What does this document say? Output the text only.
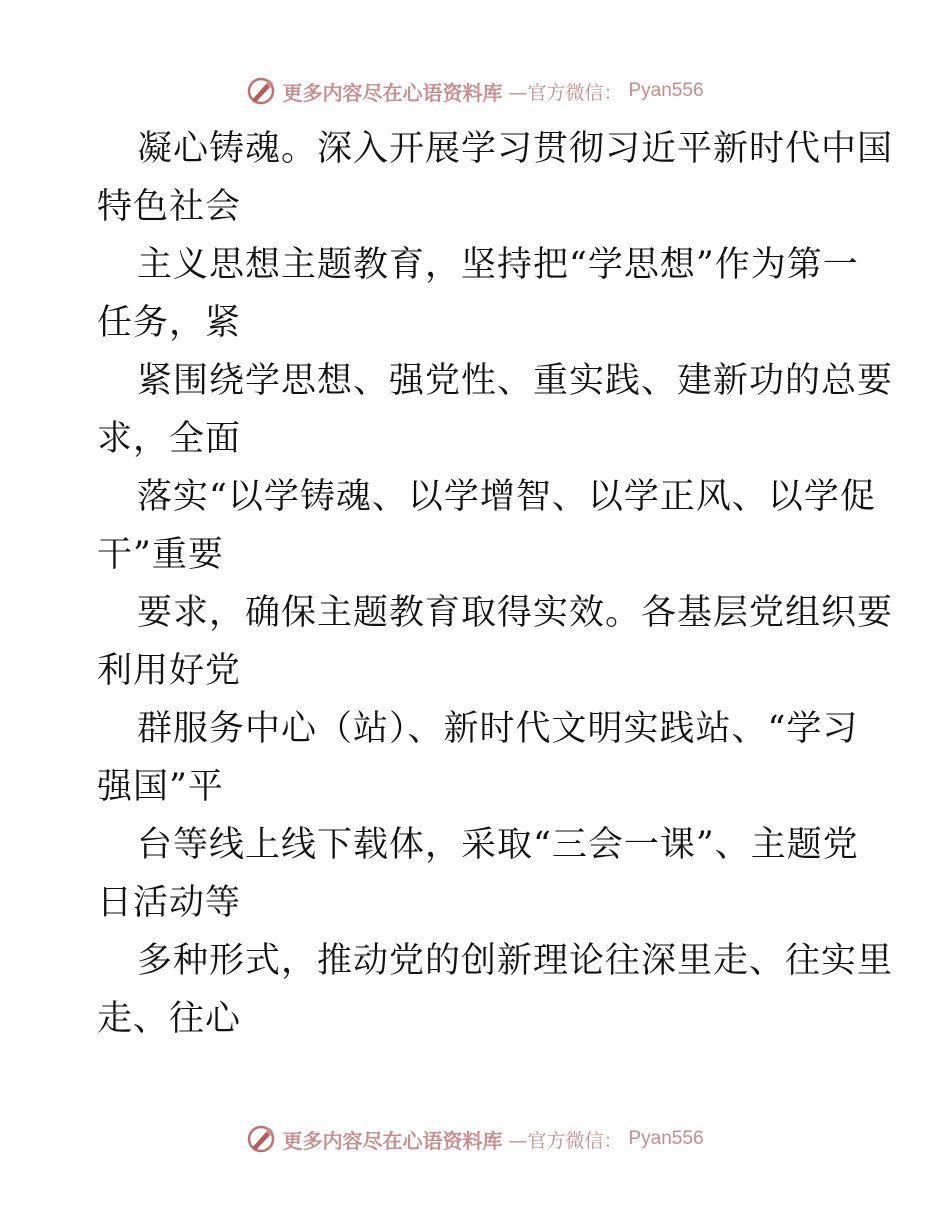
更多内容尽在心语资料库 —官方微信： Pyan556
凝心铸魂。深入开展学习贯彻习近平新时代中国
特色社会
主义思想主题教育，坚持把“学思想”作为第一
任务，紧
紧围绕学思想、强党性、重实践、建新功的总要
求，全面
落实“以学铸魂、以学增智、以学正风、以学促
干”重要
要求，确保主题教育取得实效。各基层党组织要
利用好党
群服务中心（站）、新时代文明实践站、“学习
强国”平
台等线上线下载体，采取“三会一课”、主题党
日活动等
多种形式，推动党的创新理论往深里走、往实里
走、往心
更多内容尽在心语资料库 —官方微信： Pyan556
